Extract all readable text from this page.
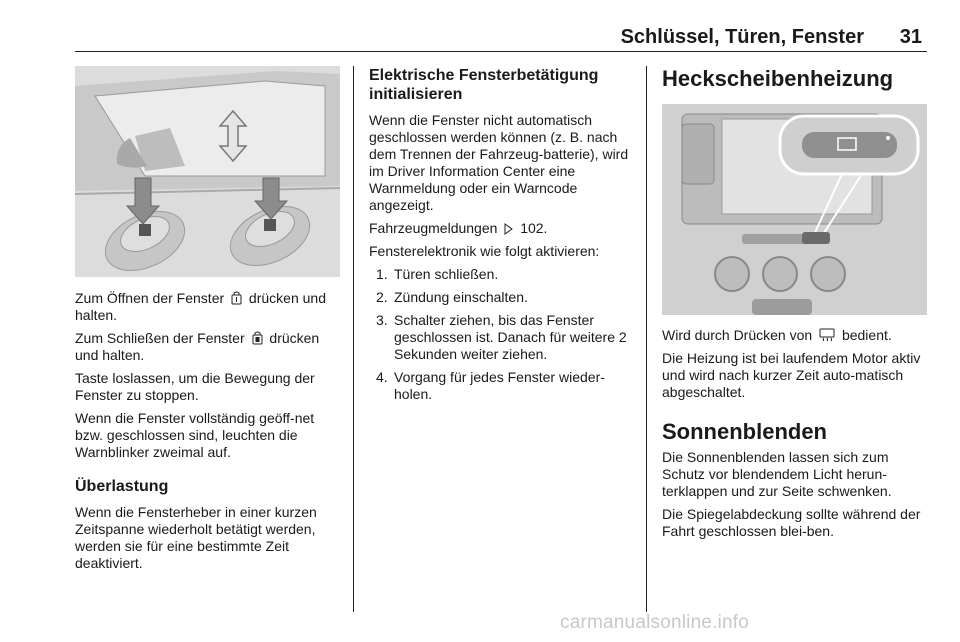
Schlüssel, Türen, Fenster 31

Zum Öffnen der Fenster drücken und halten.

Zum Schließen der Fenster drücken und halten.

Taste loslassen, um die Bewegung der Fenster zu stoppen.

Wenn die Fenster vollständig geöff-net bzw. geschlossen sind, leuchten die Warnblinker zweimal auf.

Überlastung

Wenn die Fensterheber in einer kurzen Zeitspanne wiederholt betätigt werden, werden sie für eine bestimmte Zeit deaktiviert.

Elektrische Fensterbetätigung initialisieren

Wenn die Fenster nicht automatisch geschlossen werden können (z. B. nach dem Trennen der Fahrzeug-batterie), wird im Driver Information Center eine Warnmeldung oder ein Warncode angezeigt.

Fahrzeugmeldungen 102.

Fensterelektronik wie folgt aktivieren:

1. Türen schließen.
2. Zündung einschalten.
3. Schalter ziehen, bis das Fenster geschlossen ist. Danach für weitere 2 Sekunden weiter ziehen.
4. Vorgang für jedes Fenster wieder-holen.
Heckscheibenheizung

Wird durch Drücken von bedient.

Die Heizung ist bei laufendem Motor aktiv und wird nach kurzer Zeit auto-matisch abgeschaltet.

Sonnenblenden

Die Sonnenblenden lassen sich zum Schutz vor blendendem Licht herun-terklappen und zur Seite schwenken.

Die Spiegelabdeckung sollte während der Fahrt geschlossen blei-ben.

carmanualsonline.info
